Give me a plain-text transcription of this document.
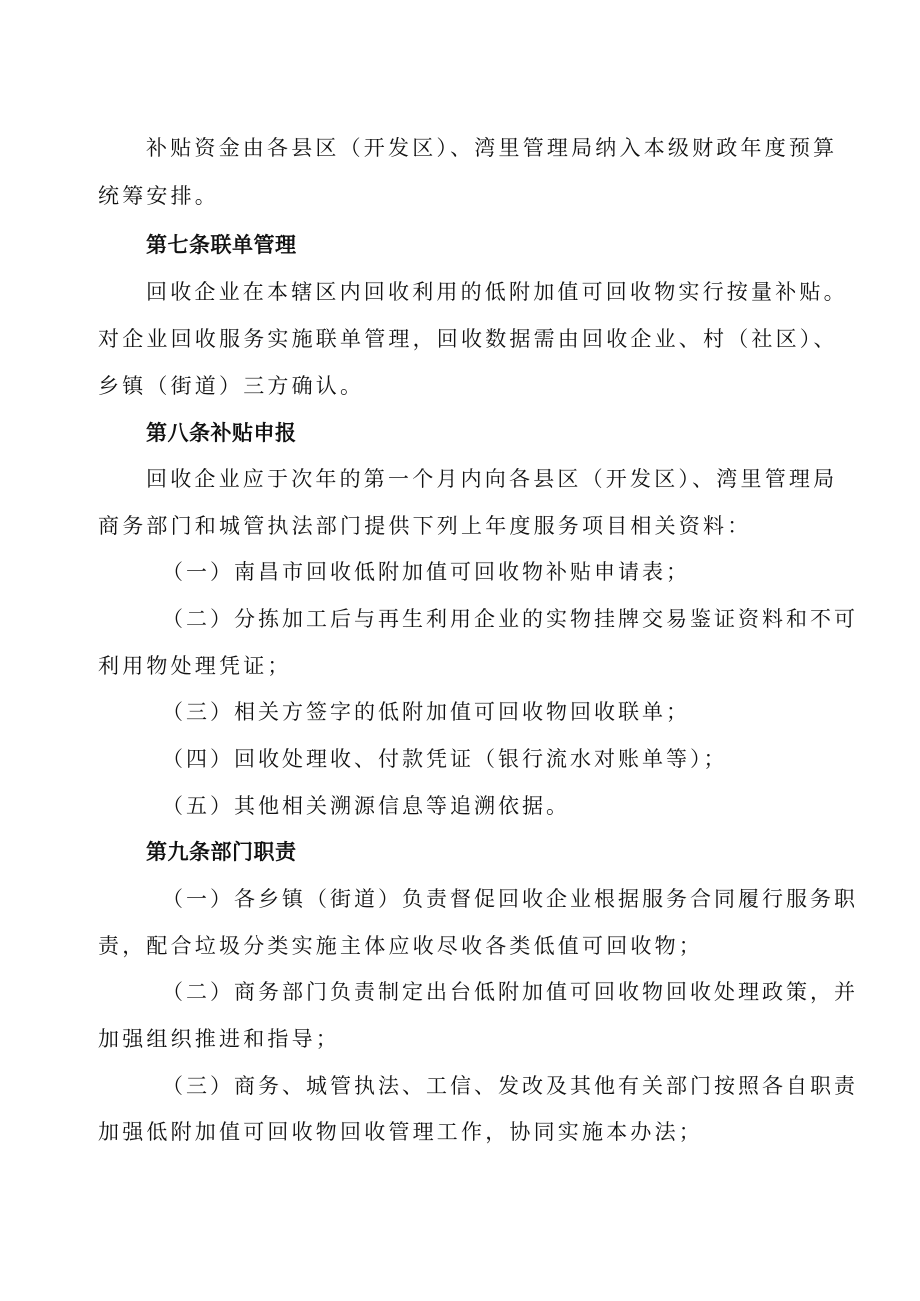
补贴资金由各县区（开发区）、湾里管理局纳入本级财政年度预算
统筹安排。
第七条联单管理
回收企业在本辖区内回收利用的低附加值可回收物实行按量补贴。
对企业回收服务实施联单管理，回收数据需由回收企业、村（社区）、
乡镇（街道）三方确认。
第八条补贴申报
回收企业应于次年的第一个月内向各县区（开发区）、湾里管理局
商务部门和城管执法部门提供下列上年度服务项目相关资料：
（一）南昌市回收低附加值可回收物补贴申请表；
（二）分拣加工后与再生利用企业的实物挂牌交易鉴证资料和不可
利用物处理凭证；
（三）相关方签字的低附加值可回收物回收联单；
（四）回收处理收、付款凭证（银行流水对账单等）；
（五）其他相关溯源信息等追溯依据。
第九条部门职责
（一）各乡镇（街道）负责督促回收企业根据服务合同履行服务职
责，配合垃圾分类实施主体应收尽收各类低值可回收物；
（二）商务部门负责制定出台低附加值可回收物回收处理政策，并
加强组织推进和指导；
（三）商务、城管执法、工信、发改及其他有关部门按照各自职责
加强低附加值可回收物回收管理工作，协同实施本办法；
